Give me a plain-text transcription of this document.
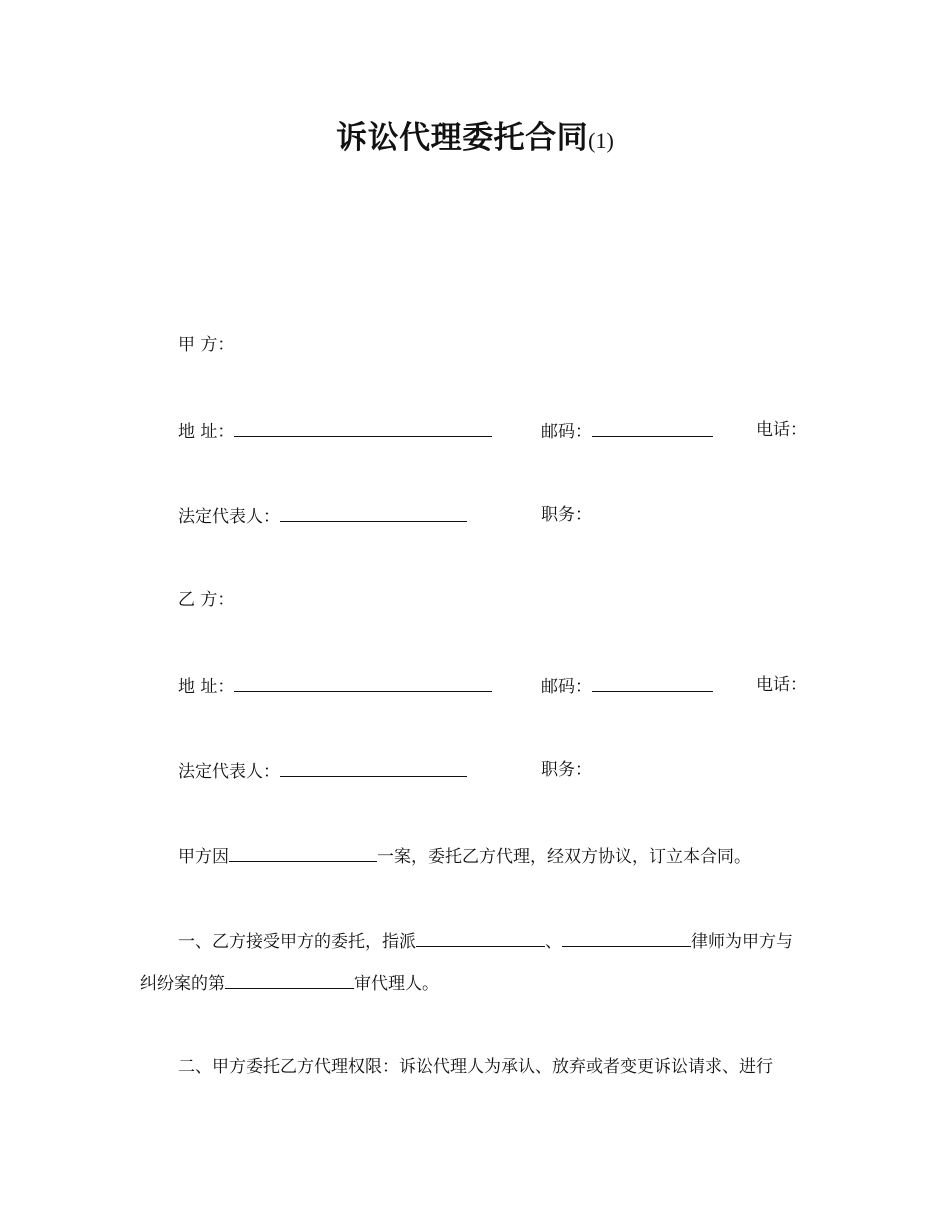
诉讼代理委托合同(1)
甲 方：
地 址：	邮码：	电话：
法定代表人：	职务：
乙 方：
地 址：	邮码：	电话：
法定代表人：	职务：
甲方因	一案，委托乙方代理，经双方协议，订立本合同。
一、乙方接受甲方的委托，指派	、	律师为甲方与
纠纷案的第	审代理人。
二、甲方委托乙方代理权限：诉讼代理人为承认、放弃或者变更诉讼请求、进行
